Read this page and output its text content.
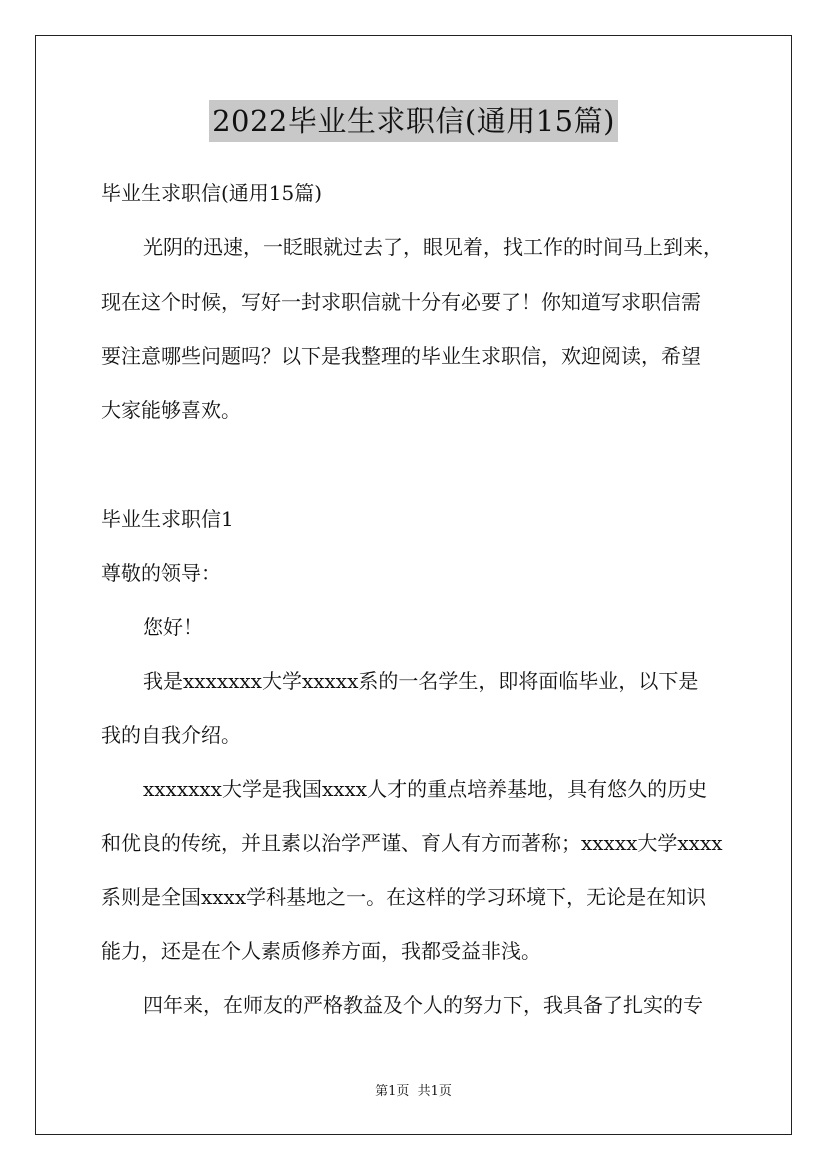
2022毕业生求职信(通用15篇)
毕业生求职信(通用15篇)
光阴的迅速，一眨眼就过去了，眼见着，找工作的时间马上到来，
现在这个时候，写好一封求职信就十分有必要了！你知道写求职信需
要注意哪些问题吗？以下是我整理的毕业生求职信，欢迎阅读，希望
大家能够喜欢。
毕业生求职信1
尊敬的领导：
您好！
我是xxxxxxx大学xxxxx系的一名学生，即将面临毕业，以下是
我的自我介绍。
xxxxxxx大学是我国xxxx人才的重点培养基地，具有悠久的历史
和优良的传统，并且素以治学严谨、育人有方而著称；xxxxx大学xxxx
系则是全国xxxx学科基地之一。在这样的学习环境下，无论是在知识
能力，还是在个人素质修养方面，我都受益非浅。
四年来，在师友的严格教益及个人的努力下，我具备了扎实的专
第1页  共1页
